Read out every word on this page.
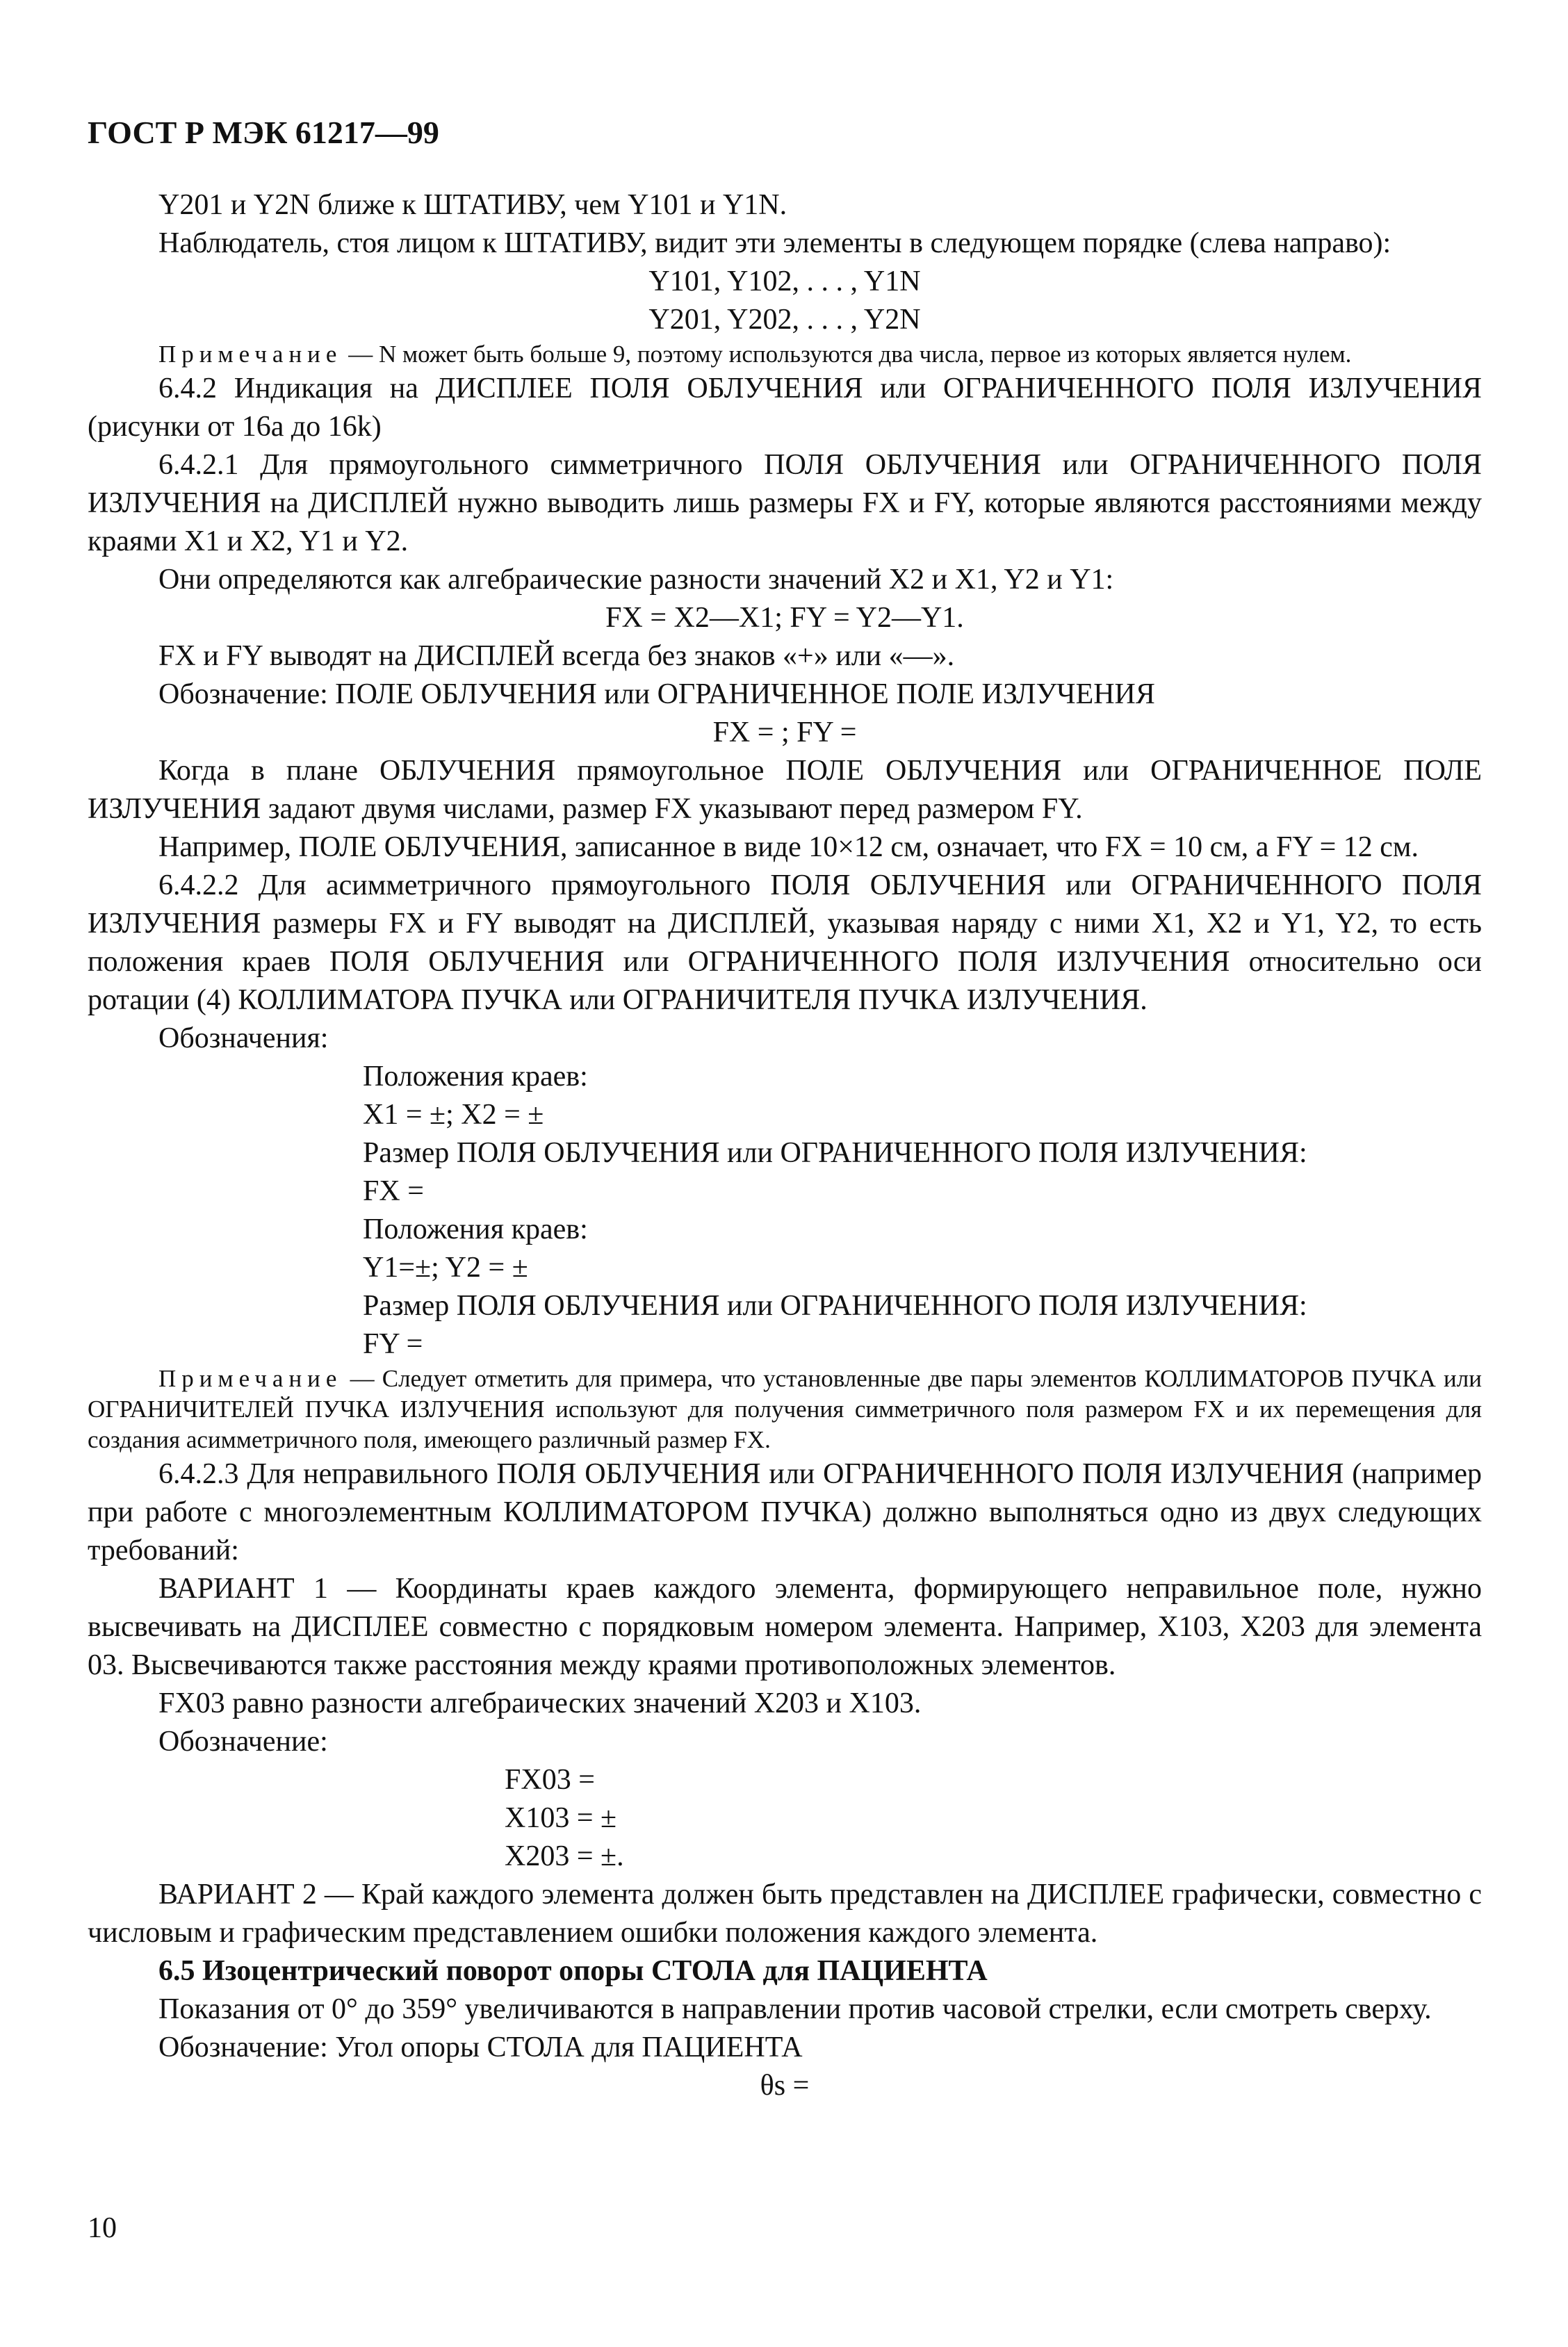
ГОСТ Р МЭК 61217—99

Y201 и Y2N ближе к ШТАТИВУ, чем Y101 и Y1N.

Наблюдатель, стоя лицом к ШТАТИВУ, видит эти элементы в следующем порядке (слева направо):

Y101, Y102, . . . , Y1N

Y201, Y202, . . . , Y2N

Примечание — N может быть больше 9, поэтому используются два числа, первое из которых является нулем.

6.4.2 Индикация на ДИСПЛЕЕ ПОЛЯ ОБЛУЧЕНИЯ или ОГРАНИЧЕННОГО ПОЛЯ ИЗЛУЧЕНИЯ (рисунки от 16а до 16k)

6.4.2.1 Для прямоугольного симметричного ПОЛЯ ОБЛУЧЕНИЯ или ОГРАНИЧЕННОГО ПОЛЯ ИЗЛУЧЕНИЯ на ДИСПЛЕЙ нужно выводить лишь размеры FX и FY, которые являются расстояниями между краями X1 и X2, Y1 и Y2.

Они определяются как алгебраические разности значений X2 и X1, Y2 и Y1:

FX = X2—X1; FY = Y2—Y1.

FX и FY выводят на ДИСПЛЕЙ всегда без знаков «+» или «—».

Обозначение: ПОЛЕ ОБЛУЧЕНИЯ или ОГРАНИЧЕННОЕ ПОЛЕ ИЗЛУЧЕНИЯ

FX = ; FY =

Когда в плане ОБЛУЧЕНИЯ прямоугольное ПОЛЕ ОБЛУЧЕНИЯ или ОГРАНИЧЕННОЕ ПОЛЕ ИЗЛУЧЕНИЯ задают двумя числами, размер FX указывают перед размером FY.

Например, ПОЛЕ ОБЛУЧЕНИЯ, записанное в виде 10×12 см, означает, что FX = 10 см, а FY = 12 см.

6.4.2.2 Для асимметричного прямоугольного ПОЛЯ ОБЛУЧЕНИЯ или ОГРАНИЧЕННОГО ПОЛЯ ИЗЛУЧЕНИЯ размеры FX и FY выводят на ДИСПЛЕЙ, указывая наряду с ними X1, X2 и Y1, Y2, то есть положения краев ПОЛЯ ОБЛУЧЕНИЯ или ОГРАНИЧЕННОГО ПОЛЯ ИЗЛУЧЕНИЯ относительно оси ротации (4) КОЛЛИМАТОРА ПУЧКА или ОГРАНИЧИТЕЛЯ ПУЧКА ИЗЛУЧЕНИЯ.

Обозначения:

Положения краев:

X1 = ±; X2 = ±

Размер ПОЛЯ ОБЛУЧЕНИЯ или ОГРАНИЧЕННОГО ПОЛЯ ИЗЛУЧЕНИЯ:

FX =

Положения краев:

Y1=±; Y2 = ±

Размер ПОЛЯ ОБЛУЧЕНИЯ или ОГРАНИЧЕННОГО ПОЛЯ ИЗЛУЧЕНИЯ:

FY =

Примечание — Следует отметить для примера, что установленные две пары элементов КОЛЛИМАТОРОВ ПУЧКА или ОГРАНИЧИТЕЛЕЙ ПУЧКА ИЗЛУЧЕНИЯ используют для получения симметричного поля размером FX и их перемещения для создания асимметричного поля, имеющего различный размер FX.

6.4.2.3 Для неправильного ПОЛЯ ОБЛУЧЕНИЯ или ОГРАНИЧЕННОГО ПОЛЯ ИЗЛУЧЕНИЯ (например при работе с многоэлементным КОЛЛИМАТОРОМ ПУЧКА) должно выполняться одно из двух следующих требований:

ВАРИАНТ 1 — Координаты краев каждого элемента, формирующего неправильное поле, нужно высвечивать на ДИСПЛЕЕ совместно с порядковым номером элемента. Например, X103, X203 для элемента 03. Высвечиваются также расстояния между краями противоположных элементов.

FX03 равно разности алгебраических значений X203 и X103.

Обозначение:

FX03 =

X103 = ±

X203 = ±.

ВАРИАНТ 2 — Край каждого элемента должен быть представлен на ДИСПЛЕЕ графически, совместно с числовым и графическим представлением ошибки положения каждого элемента.

6.5 Изоцентрический поворот опоры СТОЛА для ПАЦИЕНТА

Показания от 0° до 359° увеличиваются в направлении против часовой стрелки, если смотреть сверху.

Обозначение: Угол опоры СТОЛА для ПАЦИЕНТА

θs =

10
